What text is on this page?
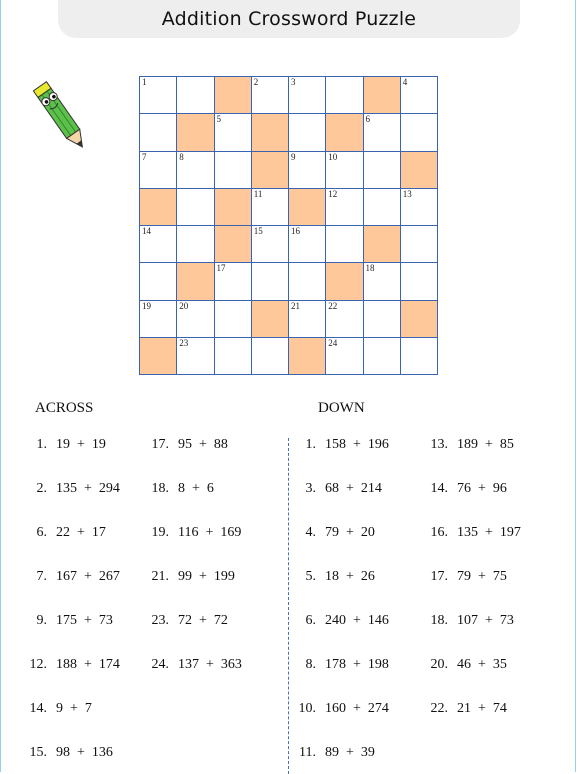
Addition Crossword Puzzle
1	2	3	4
5	6
7	8	9	10
11	12	13
14	15	16
17	18
19	20	21	22
23	24
ACROSS	DOWN
1. 19  +  19
2. 135  +  294
6. 22  +  17
7. 167  +  267
9. 175  +  73
12. 188  +  174
14. 9  +  7
15. 98  +  136
17. 95  +  88
18. 8  +  6
19. 116  +  169
21. 99  +  199
23. 72  +  72
24. 137  +  363
1. 158  +  196
3. 68  +  214
4. 79  +  20
5. 18  +  26
6. 240  +  146
8. 178  +  198
10. 160  +  274
11. 89  +  39
13. 189  +  85
14. 76  +  96
16. 135  +  197
17. 79  +  75
18. 107  +  73
20. 46  +  35
22. 21  +  74
